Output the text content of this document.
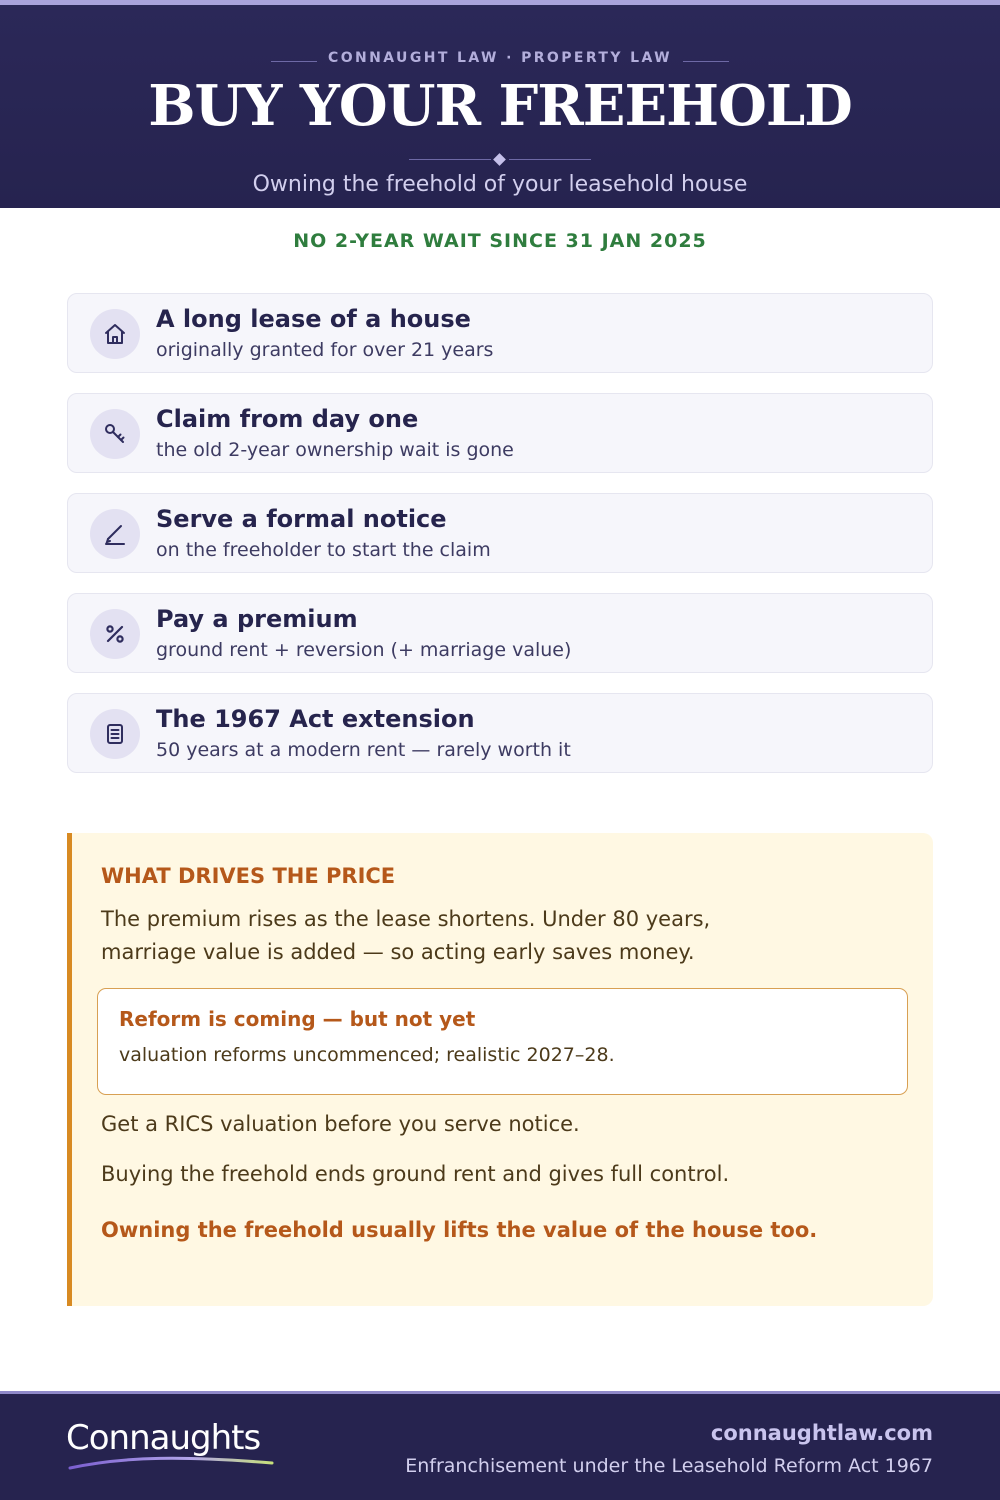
CONNAUGHT LAW · PROPERTY LAW
BUY YOUR FREEHOLD
Owning the freehold of your leasehold house
NO 2-YEAR WAIT SINCE 31 JAN 2025
A long lease of a house
originally granted for over 21 years
Claim from day one
the old 2-year ownership wait is gone
Serve a formal notice
on the freeholder to start the claim
Pay a premium
ground rent + reversion (+ marriage value)
The 1967 Act extension
50 years at a modern rent — rarely worth it
WHAT DRIVES THE PRICE
The premium rises as the lease shortens. Under 80 years, marriage value is added — so acting early saves money.
Reform is coming — but not yet
valuation reforms uncommenced; realistic 2027–28.
Get a RICS valuation before you serve notice.
Buying the freehold ends ground rent and gives full control.
Owning the freehold usually lifts the value of the house too.
Connaughts	connaughtlaw.com
Enfranchisement under the Leasehold Reform Act 1967
